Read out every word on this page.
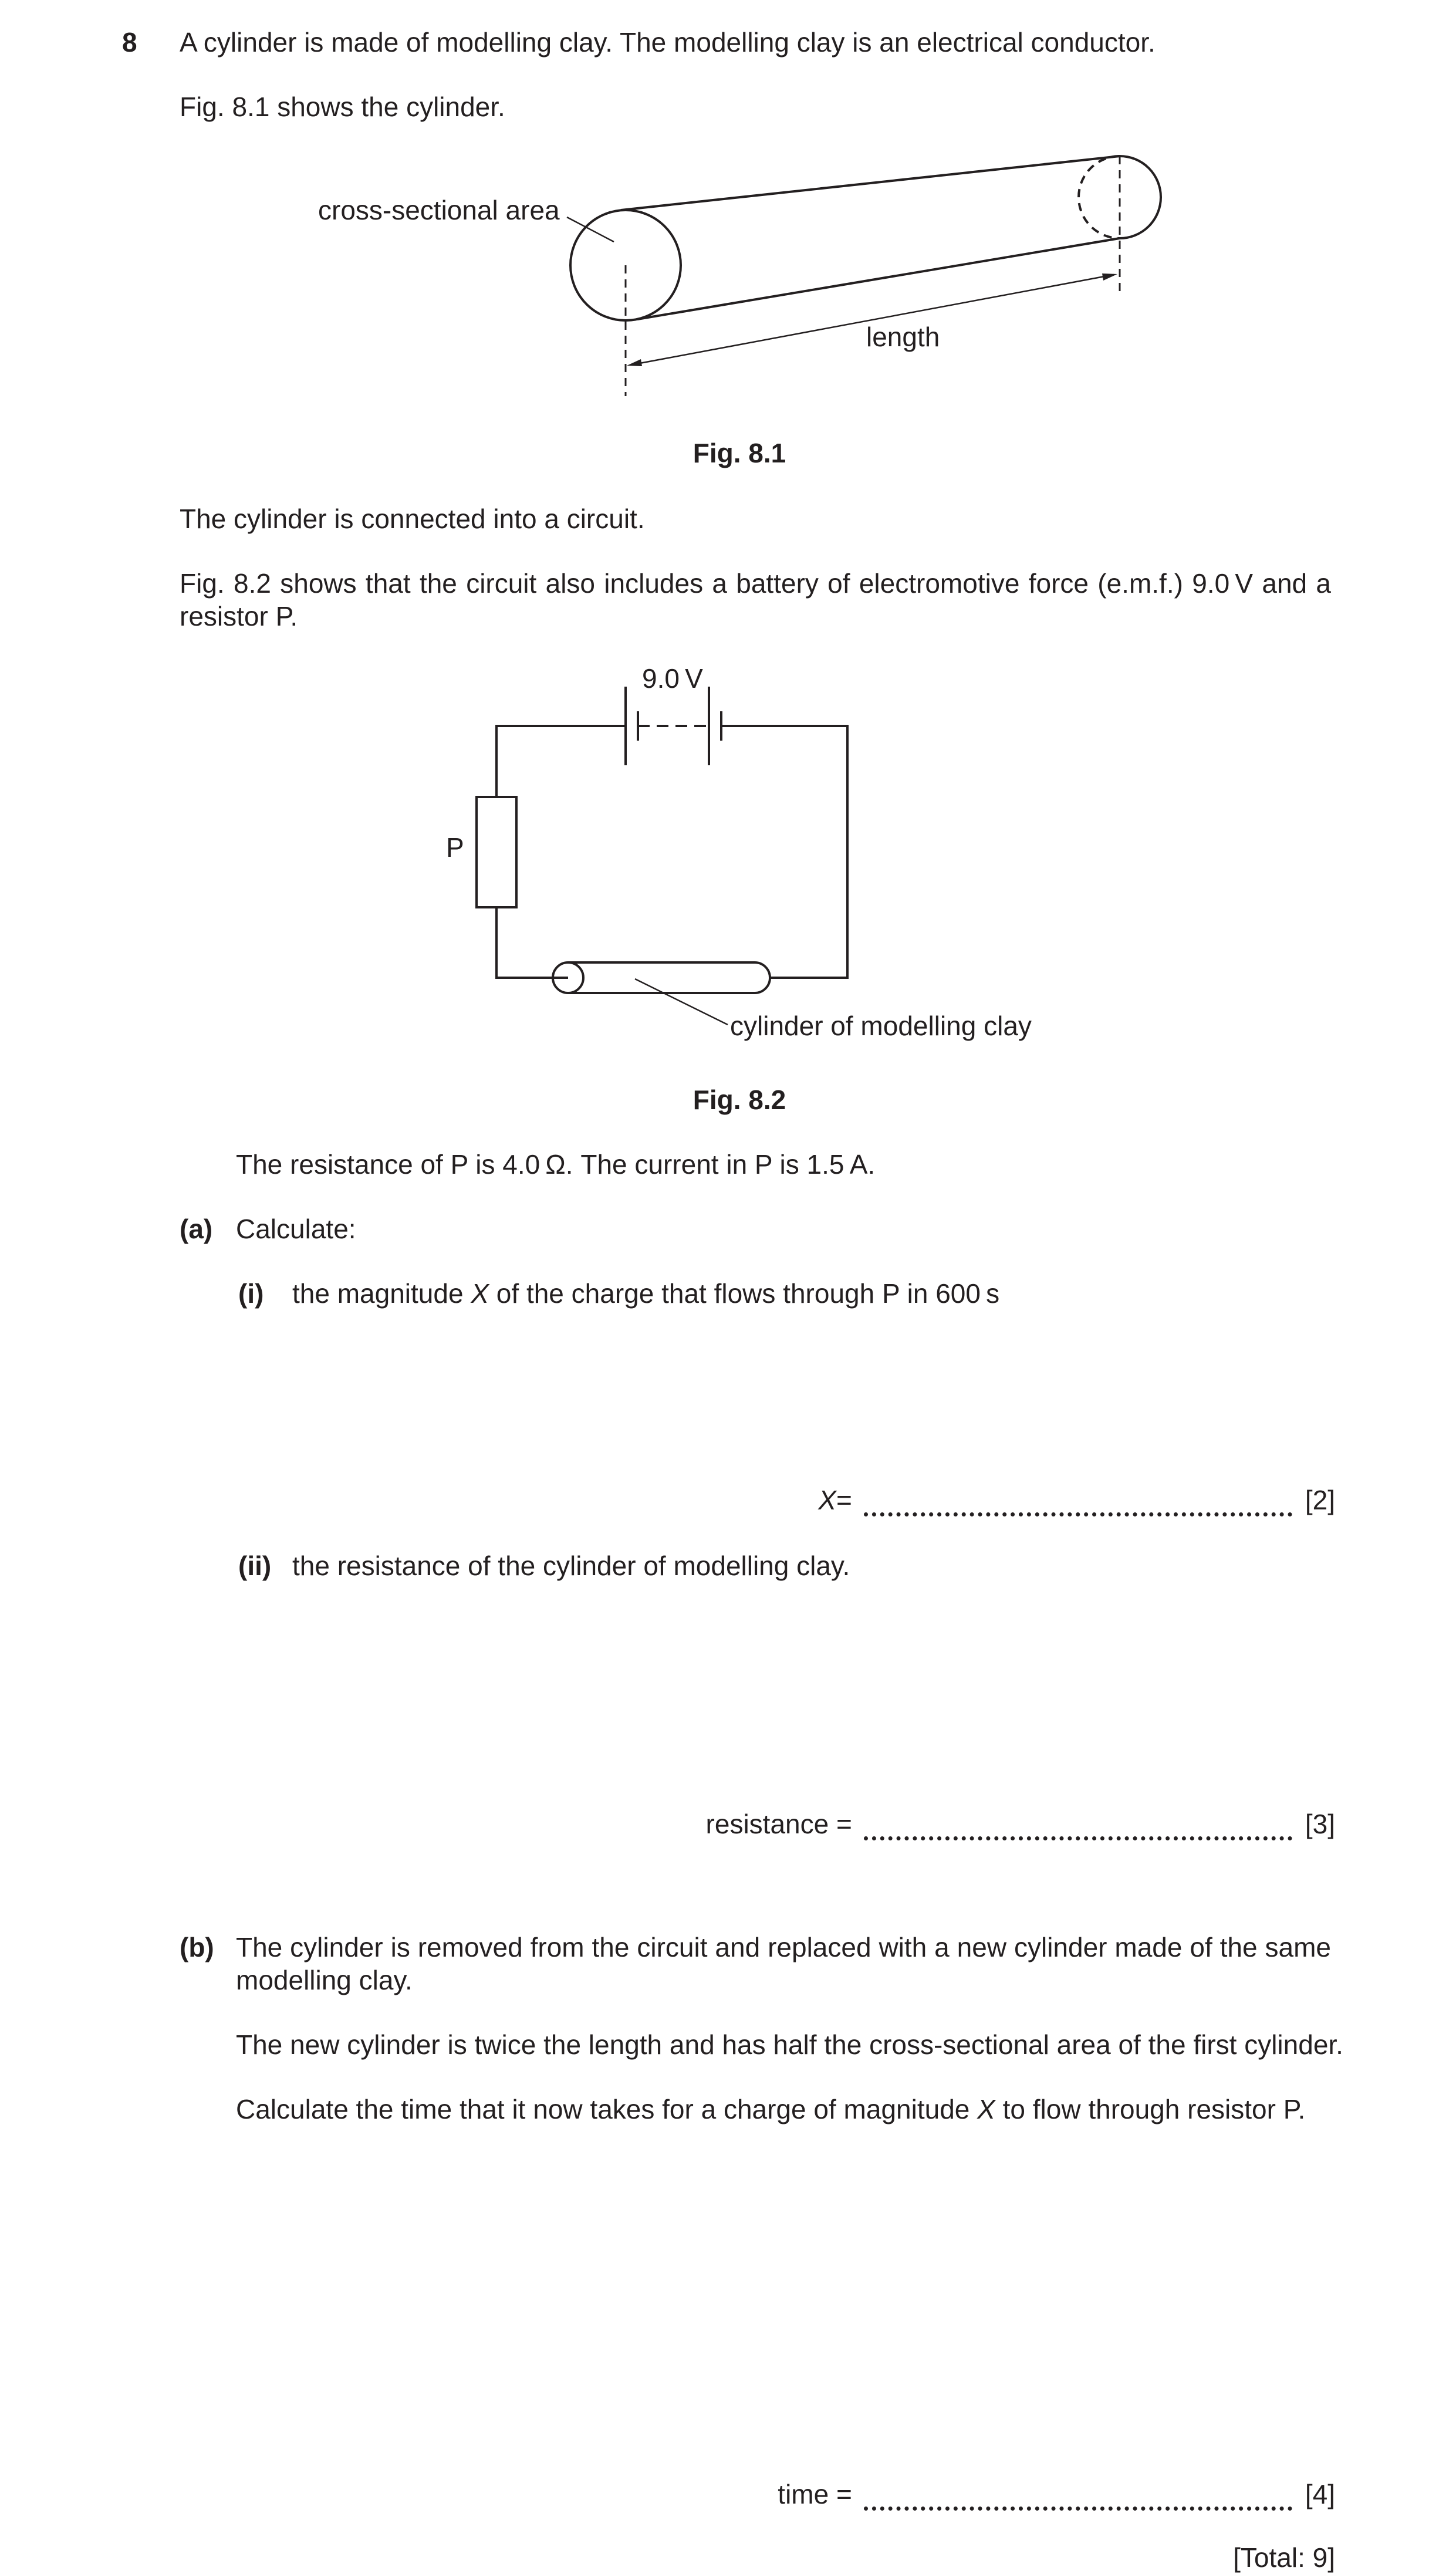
8 A cylinder is made of modelling clay. The modelling clay is an electrical conductor.
Fig. 8.1 shows the cylinder.
cross-sectional area
length
Fig. 8.1
The cylinder is connected into a circuit.
Fig. 8.2 shows that the circuit also includes a battery of electromotive force (e.m.f.) 9.0 V and a resistor P.
9.0 V
P
cylinder of modelling clay
Fig. 8.2
The resistance of P is 4.0 Ω. The current in P is 1.5 A.
(a) Calculate:
(i) the magnitude X of the charge that flows through P in 600 s
X =	[2]
(ii) the resistance of the cylinder of modelling clay.
resistance =	[3]
(b) The cylinder is removed from the circuit and replaced with a new cylinder made of the same modelling clay.
The new cylinder is twice the length and has half the cross-sectional area of the first cylinder.
Calculate the time that it now takes for a charge of magnitude X to flow through resistor P.
time =	[4]
[Total: 9]
